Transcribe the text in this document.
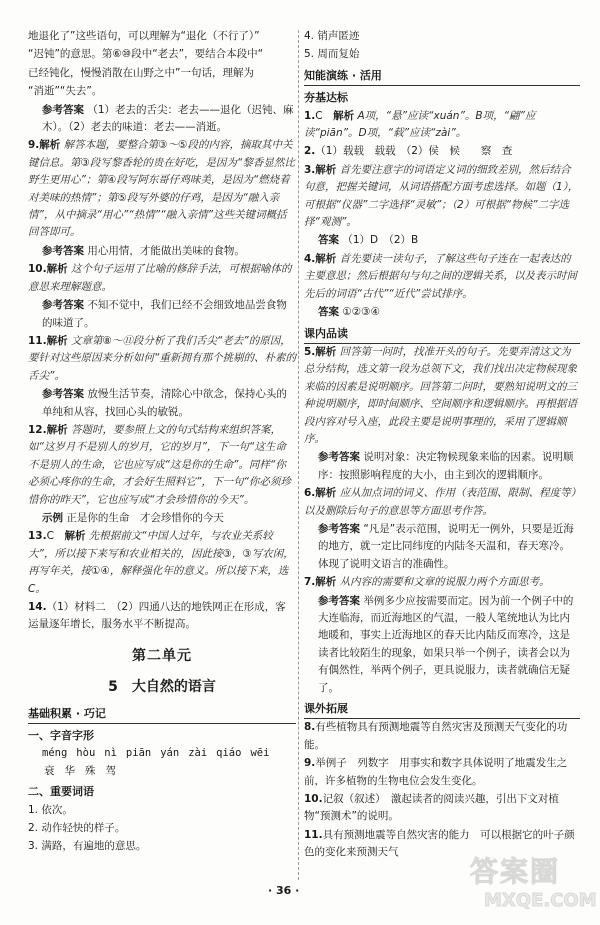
地退化了”这些语句，可以理解为“退化（不行了）”
“迟钝”的意思。第⑥⑩段中“老去”，要结合本段中“
已经钝化，慢慢消散在山野之中”一句话，理解为
“消逝”“失去”。
参考答案 （1）老去的舌尖：老去——退化（迟钝、麻木）。（2）老去的味道：老去——消逝。
9.解析 解答本题，要整合第③～⑤段的内容，摘取其中关键信息。第③段写黎香轮的贵在好吃，是因为“黎香显然比野生更用心”；第④段写阿东哥仔鸡味美，是因为“燃烧着对美味的热情”；第⑤段写外婆的仔鸡，是因为“融入亲情”，从中摘录“用心”“热情”“融入亲情”这些关键词概括回答即可。
参考答案 用心用情，才能做出美味的食物。
10.解析 这个句子运用了比喻的修辞手法，可根据喻体的意思来理解题意。
参考答案 不知不觉中，我们已经不会细致地品尝食物的味道了。
11.解析 文章第⑧～⑪段分析了我们舌尖“老去”的原因，要针对这些原因来分析如何“重新拥有那个挑剔的、朴素的舌尖”。
参考答案 放慢生活节奏，清除心中欲念，保持心头的单纯和从容，找回心头的敏锐。
12.解析 答题时，要参照上文的句式结构来组织答案，如“这岁月不是别人的岁月，它的岁月”，下一句“这生命不是别人的生命，它也应写成“这是你的生命”。同样“你必须心疼你的生命，才会好生照料它”，下一句“你必须珍惜你的昨天”，它也应写成“才会珍惜你的今天”。
示例 正是你的生命　才会珍惜你的今天
13.C　 解析 先根据前文“中国人过年，与农业关系较大”，所以接下来写和农业相关的，因此接③，③写农闲，再写年关，接①④，解释强化年的意义。所以接下来，选C。
14.（1）材料二　（2）四通八达的地铁网正在形成，客运量逐年增长，服务水平不断提高。
第二单元
5　大自然的语言
基础积累 · 巧记
一、字音字形
méng hòu nì piān yán zài qiáo wēi
衰 华 殊 驾
二、重要词语
1. 依次。
2. 动作轻快的样子。
3. 满路，有遍地的意思。
4. 销声匿迹
5. 周而复始
知能演练 · 活用
夯基达标
1.C　 解析 A项，“悬”应读“xuán”。B项，“翩”应读“piān”。D项，“载”应读“zài”。
2.（1）载载　载载　（2）侯　候　　察　查
3.解析 首先要注意字的词语定义词的细致差别，然后结合句意，把握关键词，从词语搭配方面考虑选择。如题（1），可根据“仪器”二字选择“灵敏”；（2）可根据“物候”二字选择“观测”。
答案 （1）D　（2）B
4.解析 首先要读一读句子，了解这些句子连在一起表达的主要意思；然后根据句与句之间的逻辑关系，以及表示时间先后的词语“古代”“近代”尝试排序。
答案 ①②③④
课内品读
5.解析 回答第一问时，找准开头的句子。先要弄清这文为总分结构，选文第一段为总领下文，我们找出决定物候现象来临的因素是说明顺序。回答第二问时，要熟知说明文的三种说明顺序，即时间顺序、空间顺序和逻辑顺序。再根据语段内容对号入座，此段主要是说明事理的，采用了逻辑顺序。
参考答案 说明对象：决定物候现象来临的因素。说明顺序：按照影响程度的大小，由主到次的逻辑顺序。
6.解析 应从加点词的词义、作用（表范围、限制、程度等）以及删除后句子的意思等方面思考作答。
参考答案 “凡是”表示范围，说明无一例外，只要是近海的地方，就一定比同纬度的内陆冬天温和，春天寒冷。体现了说明文语言的准确性。
7.解析 从内容的需要和文章的说服力两个方面思考。
参考答案 举例多少应按需要而定。因为前一个例子中的大连临海，而近海地区的气温，一般人笔统地认为比内地暖和，事实上近海地区的春天比内陆反而寒冷，这是读者比较陌生的现象，如果只举一个例子，读者会以为有偶然性，举两个例子，更具说服力，读者就确信无疑了。
课外拓展
8.有些植物具有预测地震等自然灾害及预测天气变化的功能。
9.举例子　列数字　用事实和数字具体说明了地震发生之前，许多植物的生物电位会发生变化。
10.记叙（叙述）　激起读者的阅读兴趣，引出下文对植物“预测术”的说明。
11.具有预测地震等自然灾害的能力　可以根据它的叶子颜色的变化来预测天气
· 36 ·
答案圈
MXQE.COM
